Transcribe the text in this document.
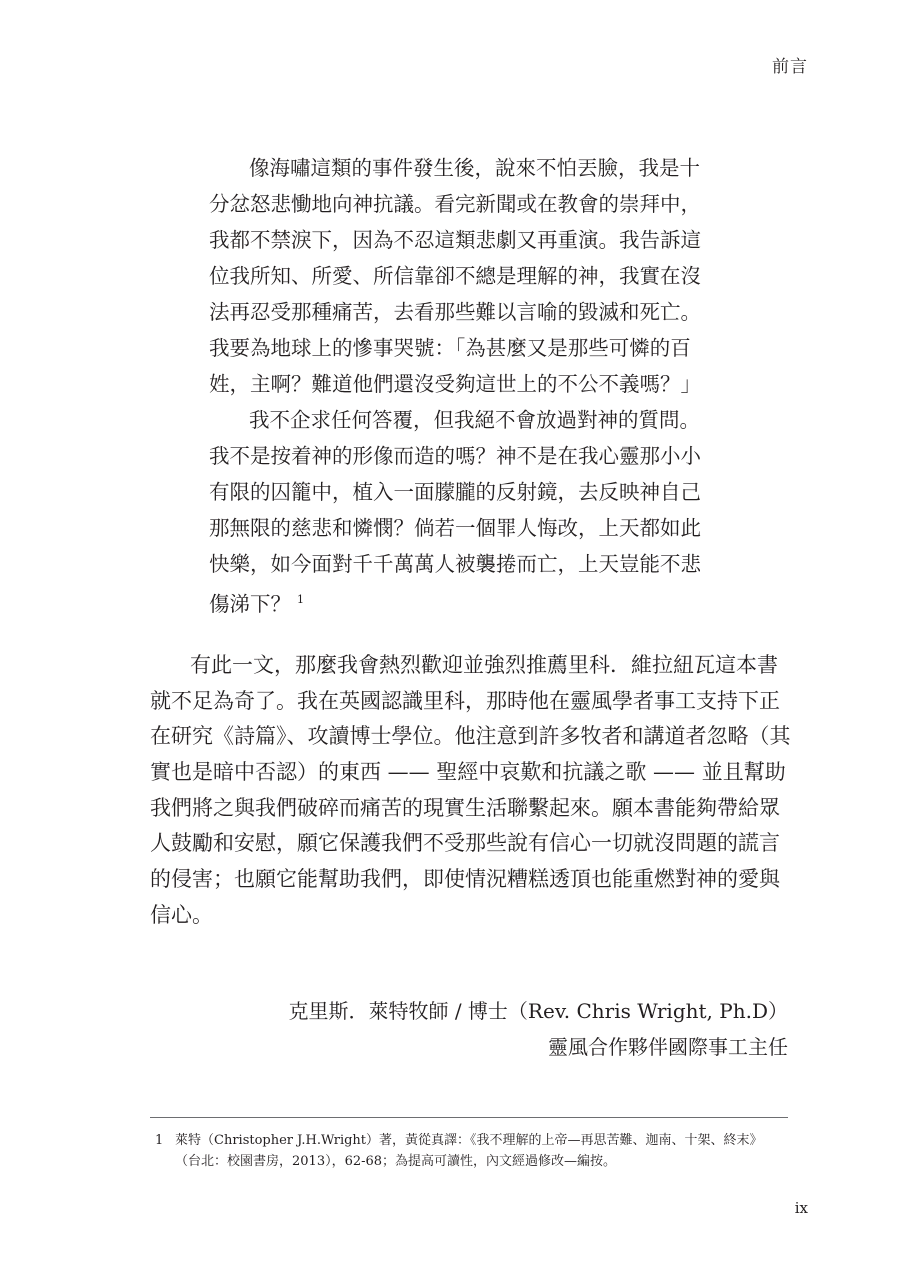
前言
像海嘯這類的事件發生後，說來不怕丟臉，我是十
分忿怒悲慟地向神抗議。看完新聞或在教會的崇拜中，
我都不禁淚下，因為不忍這類悲劇又再重演。我告訴這
位我所知、所愛、所信靠卻不總是理解的神，我實在沒
法再忍受那種痛苦，去看那些難以言喻的毀滅和死亡。
我要為地球上的慘事哭號：「為甚麼又是那些可憐的百
姓，主啊？難道他們還沒受夠這世上的不公不義嗎？」
我不企求任何答覆，但我絕不會放過對神的質問。
我不是按着神的形像而造的嗎？神不是在我心靈那小小
有限的囚籠中，植入一面朦朧的反射鏡，去反映神自己
那無限的慈悲和憐憫？倘若一個罪人悔改，上天都如此
快樂，如今面對千千萬萬人被襲捲而亡，上天豈能不悲
傷涕下？ $^1$
有此一文，那麼我會熱烈歡迎並強烈推薦里科．維拉紐瓦這本書
就不足為奇了。我在英國認識里科，那時他在靈風學者事工支持下正
在研究《詩篇》、攻讀博士學位。他注意到許多牧者和講道者忽略（其
實也是暗中否認）的東西 —— 聖經中哀歎和抗議之歌 —— 並且幫助
我們將之與我們破碎而痛苦的現實生活聯繫起來。願本書能夠帶給眾
人鼓勵和安慰，願它保護我們不受那些說有信心一切就沒問題的謊言
的侵害；也願它能幫助我們，即使情況糟糕透頂也能重燃對神的愛與
信心。
克里斯．萊特牧師 / 博士（Rev. Chris Wright, Ph.D）
靈風合作夥伴國際事工主任
1 萊特（Christopher J.H.Wright）著，黃從真譯：《我不理解的上帝—再思苦難、迦南、十架、終末》
（台北：校園書房，2013），62-68；為提高可讀性，內文經過修改—編按。
ix
